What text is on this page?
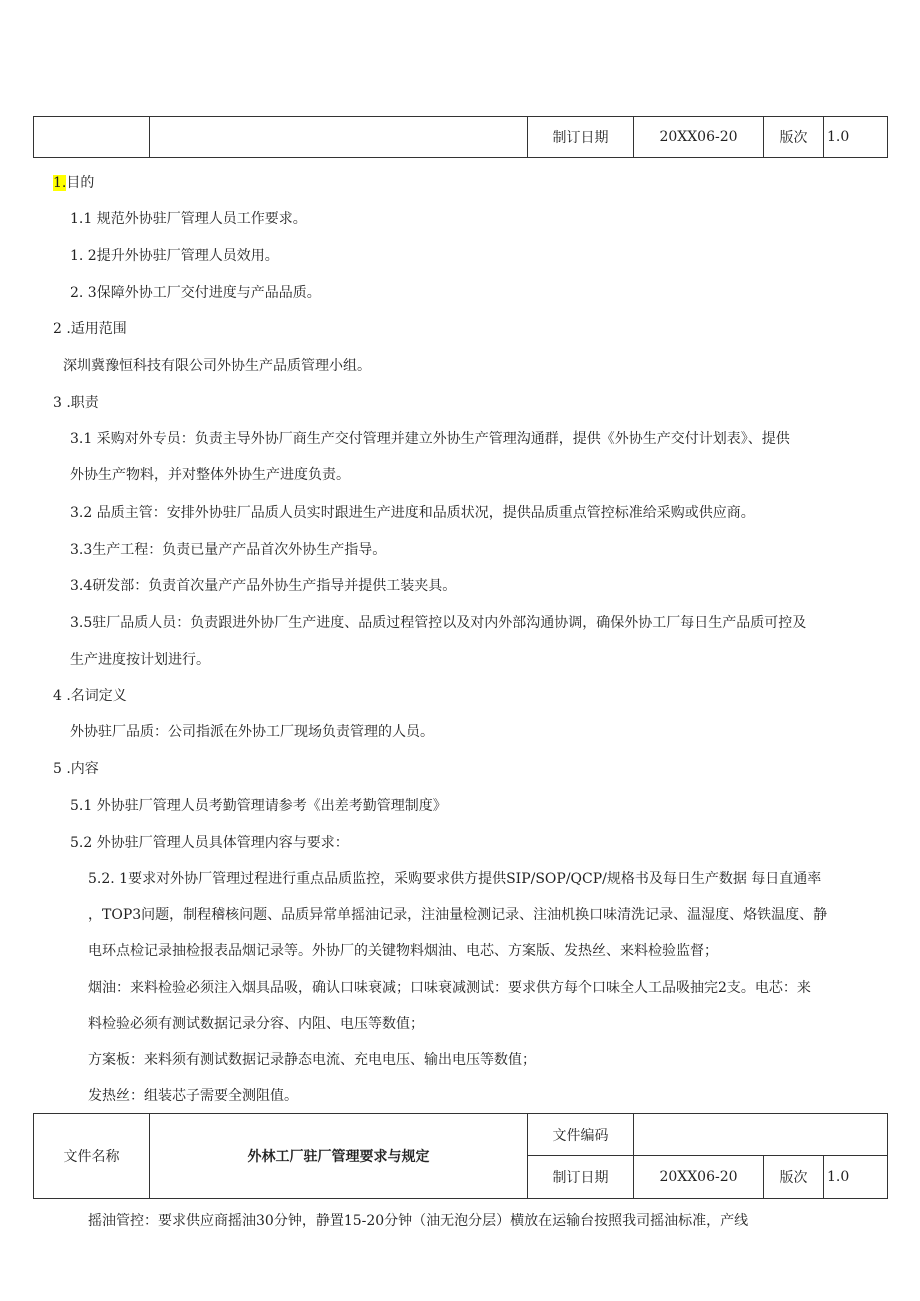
		制订日期	20XX06-20	版次	1.0
1.目的
1.1 规范外协驻厂管理人员工作要求。
1. 2提升外协驻厂管理人员效用。
2. 3保障外协工厂交付进度与产品品质。
2 .适用范围
深圳冀豫恒科技有限公司外协生产品质管理小组。
3 .职责
3.1 采购对外专员：负责主导外协厂商生产交付管理并建立外协生产管理沟通群，提供《外协生产交付计划表》、提供
外协生产物料，并对整体外协生产进度负责。
3.2 品质主管：安排外协驻厂品质人员实时跟进生产进度和品质状况，提供品质重点管控标准给采购或供应商。
3.3生产工程：负责已量产产品首次外协生产指导。
3.4研发部：负责首次量产产品外协生产指导并提供工装夹具。
3.5驻厂品质人员：负责跟进外协厂生产进度、品质过程管控以及对内外部沟通协调，确保外协工厂每日生产品质可控及
生产进度按计划进行。
4 .名词定义
外协驻厂品质：公司指派在外协工厂现场负责管理的人员。
5 .内容
5.1 外协驻厂管理人员考勤管理请参考《出差考勤管理制度》
5.2 外协驻厂管理人员具体管理内容与要求：
5.2. 1要求对外协厂管理过程进行重点品质监控，采购要求供方提供SIP/SOP/QCP/规格书及每日生产数据 每日直通率
，TOP3问题，制程稽核问题、品质异常单摇油记录，注油量检测记录、注油机换口味清洗记录、温湿度、烙铁温度、静
电环点检记录抽检报表品烟记录等。外协厂的关键物料烟油、电芯、方案版、发热丝、来料检验监督；
烟油：来料检验必须注入烟具品吸，确认口味衰减；口味衰减测试：要求供方每个口味全人工品吸抽完2支。电芯：来
料检验必须有测试数据记录分容、内阻、电压等数值；
方案板：来料须有测试数据记录静态电流、充电电压、输出电压等数值；
发热丝：组装芯子需要全测阻值。
文件名称	外林工厂驻厂管理要求与规定	文件编码			
		制订日期	20XX06-20	版次	1.0
摇油管控：要求供应商摇油30分钟，静置15-20分钟（油无泡分层）横放在运输台按照我司摇油标准，产线
